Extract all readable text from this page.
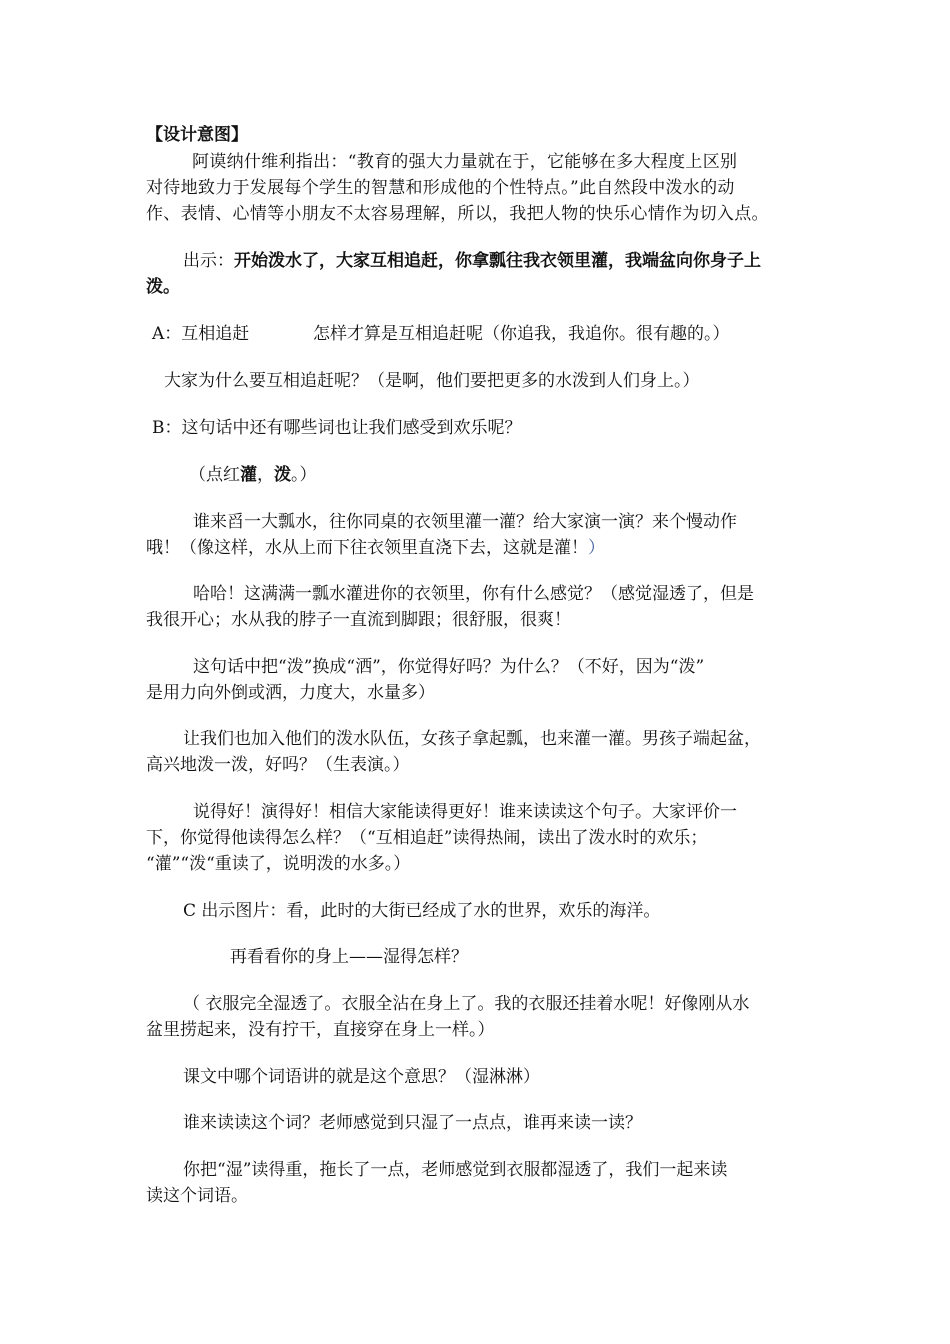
【设计意图】
阿谟纳什维利指出：“教育的强大力量就在于，它能够在多大程度上区别
对待地致力于发展每个学生的智慧和形成他的个性特点。”此自然段中泼水的动
作、表情、心情等小朋友不太容易理解，所以，我把人物的快乐心情作为切入点。
出示：开始泼水了，大家互相追赶，你拿瓢往我衣领里灌，我端盆向你身子上
泼。
A：互相追赶	怎样才算是互相追赶呢（你追我，我追你。很有趣的。）
大家为什么要互相追赶呢？（是啊，他们要把更多的水泼到人们身上。）
B：这句话中还有哪些词也让我们感受到欢乐呢？
（点红灌，泼。）
谁来舀一大瓢水，往你同桌的衣领里灌一灌？给大家演一演？来个慢动作
哦！（像这样，水从上而下往衣领里直浇下去，这就是灌！）
哈哈！这满满一瓢水灌进你的衣领里，你有什么感觉？（感觉湿透了，但是
我很开心；水从我的脖子一直流到脚跟；很舒服，很爽！
这句话中把“泼”换成“洒”，你觉得好吗？为什么？（不好，因为“泼”
是用力向外倒或洒，力度大，水量多）
让我们也加入他们的泼水队伍，女孩子拿起瓢，也来灌一灌。男孩子端起盆，
高兴地泼一泼，好吗？（生表演。）
说得好！演得好！相信大家能读得更好！谁来读读这个句子。大家评价一
下，你觉得他读得怎么样？（“互相追赶”读得热闹，读出了泼水时的欢乐；
“灌”“泼“重读了，说明泼的水多。）
C 出示图片：看，此时的大街已经成了水的世界，欢乐的海洋。
再看看你的身上——湿得怎样？
（ 衣服完全湿透了。衣服全沾在身上了。我的衣服还挂着水呢！好像刚从水
盆里捞起来，没有拧干，直接穿在身上一样。）
课文中哪个词语讲的就是这个意思？（湿淋淋）
谁来读读这个词？老师感觉到只湿了一点点，谁再来读一读？
你把“湿”读得重，拖长了一点，老师感觉到衣服都湿透了，我们一起来读
读这个词语。
